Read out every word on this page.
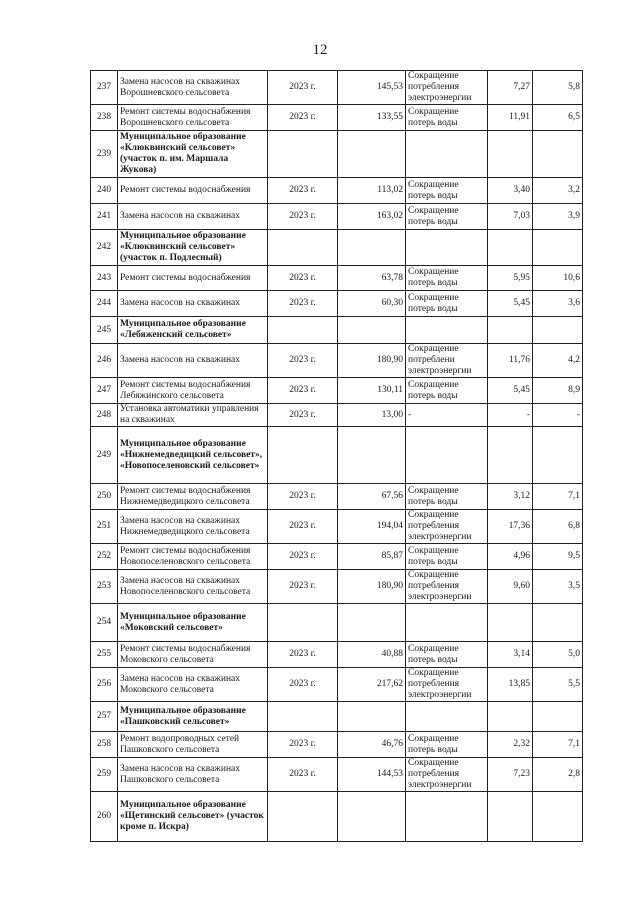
12
237	Замена насосов на скважинах Ворошневского сельсовета	2023 г.	145,53	Сокращение потребления электроэнергии	7,27	5,8
238	Ремонт системы водоснабжения Ворошневского сельсовета	2023 г.	133,55	Сокращение потерь воды	11,91	6,5
239	Муниципальное образование «Клюквинский сельсовет» (участок п. им. Маршала Жукова)					
240	Ремонт системы водоснабжения	2023 г.	113,02	Сокращение потерь воды	3,40	3,2
241	Замена насосов на скважинах	2023 г.	163,02	Сокращение потерь воды	7,03	3,9
242	Муниципальное образование «Клюквинский сельсовет» (участок п. Подлесный)					
243	Ремонт системы водоснабжения	2023 г.	63,78	Сокращение потерь воды	5,95	10,6
244	Замена насосов на скважинах	2023 г.	60,30	Сокращение потерь воды	5,45	3,6
245	Муниципальное образование «Лебяженский сельсовет»					
246	Замена насосов на скважинах	2023 г.	180,90	Сокращение потреблени электроэнергии	11,76	4,2
247	Ремонт системы водоснабжения Лебяжинского сельсовета	2023 г.	130,11	Сокращение потерь воды	5,45	8,9
248	Установка автоматики управления на скважинах	2023 г.	13,00	-	-	-
249	Муниципальное образование «Нижнемедведицкий сельсовет», «Новопоселеновский сельсовет»					
250	Ремонт системы водоснабжения Нижнемедведицкого сельсовета	2023 г.	67,56	Сокращение потерь воды	3,12	7,1
251	Замена насосов на скважинах Нижнемедведицкого сельсовета	2023 г.	194,04	Сокращение потребления электроэнергии	17,36	6,8
252	Ремонт системы водоснабжения Новопоселеновского сельсовета	2023 г.	85,87	Сокращение потерь воды	4,96	9,5
253	Замена насосов на скважинах Новопоселеновского сельсовета	2023 г.	180,90	Сокращение потребления электроэнергии	9,60	3,5
254	Муниципальное образование «Моковский сельсовет»					
255	Ремонт системы водоснабжения Моковского сельсовета	2023 г.	40,88	Сокращение потерь воды	3,14	5,0
256	Замена насосов на скважинах Моковского сельсовета	2023 г.	217,62	Сокращение потребления электроэнергии	13,85	5,5
257	Муниципальное образование «Пашковский сельсовет»					
258	Ремонт водопроводных сетей Пашковского сельсовета	2023 г.	46,76	Сокращение потерь воды	2,32	7,1
259	Замена насосов на скважинах Пашковского сельсовета	2023 г.	144,53	Сокращение потребления электроэнергии	7,23	2,8
260	Муниципальное образование «Щетинский сельсовет» (участок кроме п. Искра)					
